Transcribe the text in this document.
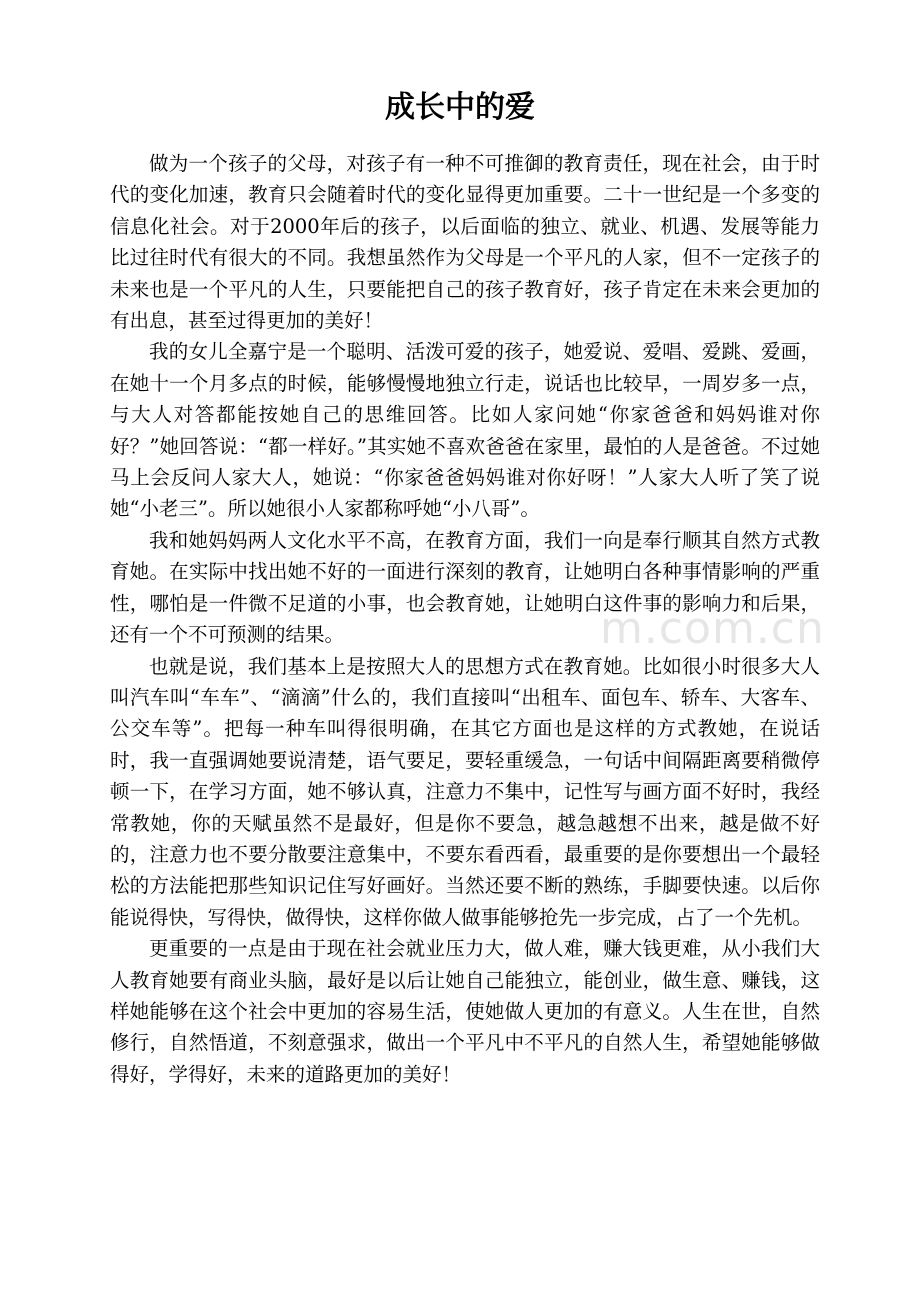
成长中的爱
m.com.cn

做为一个孩子的父母，对孩子有一种不可推御的教育责任，现在社会，由于时代的变化加速，教育只会随着时代的变化显得更加重要。二十一世纪是一个多变的信息化社会。对于2000年后的孩子，以后面临的独立、就业、机遇、发展等能力比过往时代有很大的不同。我想虽然作为父母是一个平凡的人家，但不一定孩子的未来也是一个平凡的人生，只要能把自己的孩子教育好，孩子肯定在未来会更加的有出息，甚至过得更加的美好！

我的女儿全嘉宁是一个聪明、活泼可爱的孩子，她爱说、爱唱、爱跳、爱画，在她十一个月多点的时候，能够慢慢地独立行走，说话也比较早，一周岁多一点，与大人对答都能按她自己的思维回答。比如人家问她“你家爸爸和妈妈谁对你好？”她回答说：“都一样好。”其实她不喜欢爸爸在家里，最怕的人是爸爸。不过她马上会反问人家大人，她说：“你家爸爸妈妈谁对你好呀！”人家大人听了笑了说她“小老三”。所以她很小人家都称呼她“小八哥”。

我和她妈妈两人文化水平不高，在教育方面，我们一向是奉行顺其自然方式教育她。在实际中找出她不好的一面进行深刻的教育，让她明白各种事情影响的严重性，哪怕是一件微不足道的小事，也会教育她，让她明白这件事的影响力和后果，还有一个不可预测的结果。

也就是说，我们基本上是按照大人的思想方式在教育她。比如很小时很多大人叫汽车叫“车车”、“滴滴”什么的，我们直接叫“出租车、面包车、轿车、大客车、公交车等”。把每一种车叫得很明确，在其它方面也是这样的方式教她，在说话时，我一直强调她要说清楚，语气要足，要轻重缓急，一句话中间隔距离要稍微停顿一下，在学习方面，她不够认真，注意力不集中，记性写与画方面不好时，我经常教她，你的天赋虽然不是最好，但是你不要急，越急越想不出来，越是做不好的，注意力也不要分散要注意集中，不要东看西看，最重要的是你要想出一个最轻松的方法能把那些知识记住写好画好。当然还要不断的熟练，手脚要快速。以后你能说得快，写得快，做得快，这样你做人做事能够抢先一步完成，占了一个先机。

更重要的一点是由于现在社会就业压力大，做人难，赚大钱更难，从小我们大人教育她要有商业头脑，最好是以后让她自己能独立，能创业，做生意、赚钱，这样她能够在这个社会中更加的容易生活，使她做人更加的有意义。人生在世，自然修行，自然悟道，不刻意强求，做出一个平凡中不平凡的自然人生，希望她能够做得好，学得好，未来的道路更加的美好！
